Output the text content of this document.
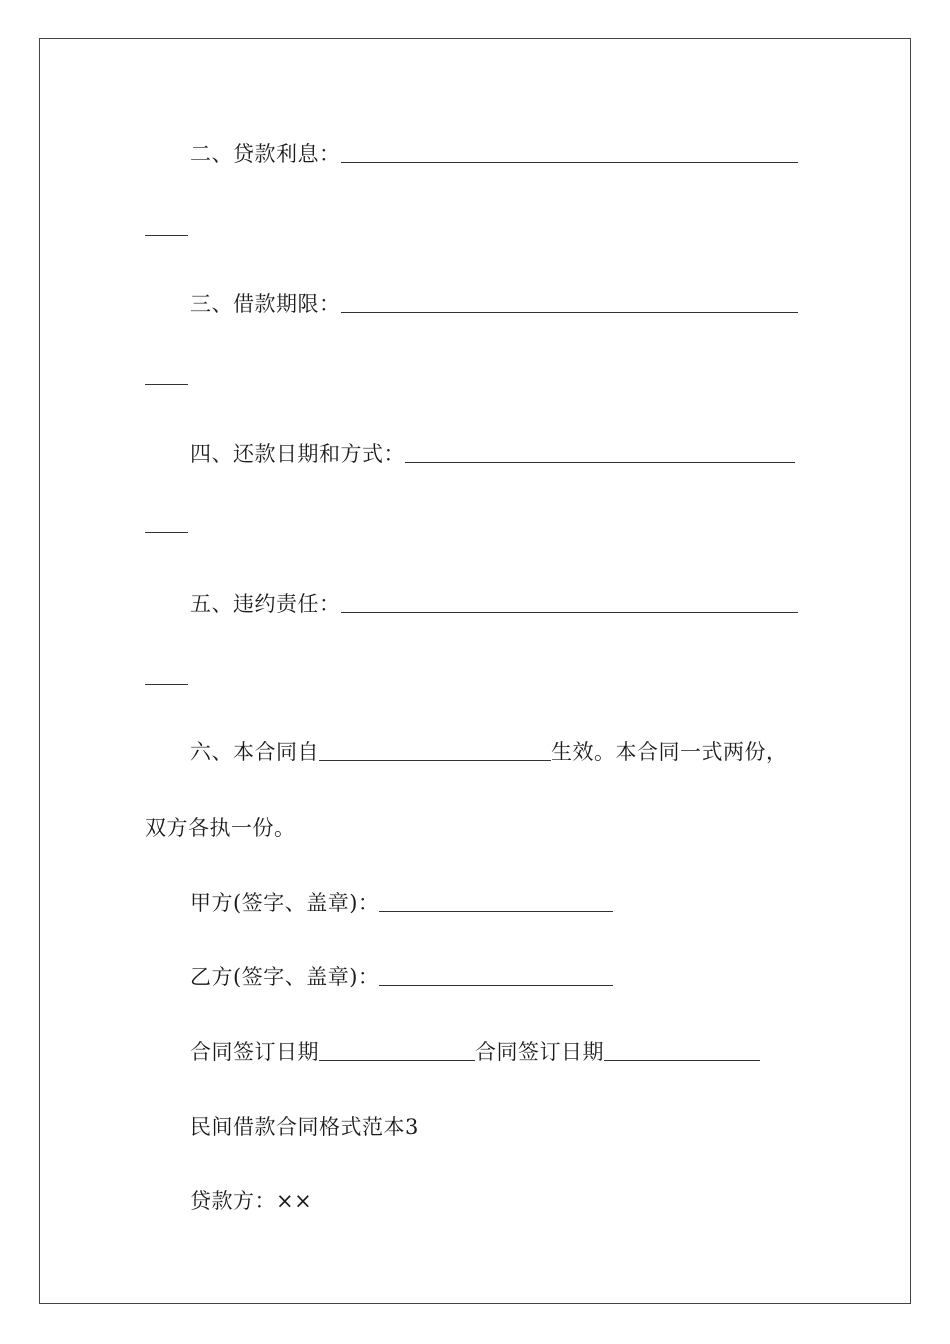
二、贷款利息：
三、借款期限：
四、还款日期和方式：
五、违约责任：
六、本合同自	生效。本合同一式两份，
双方各执一份。
甲方(签字、盖章)：
乙方(签字、盖章)：
合同签订日期	合同签订日期
民间借款合同格式范本3
贷款方：××
